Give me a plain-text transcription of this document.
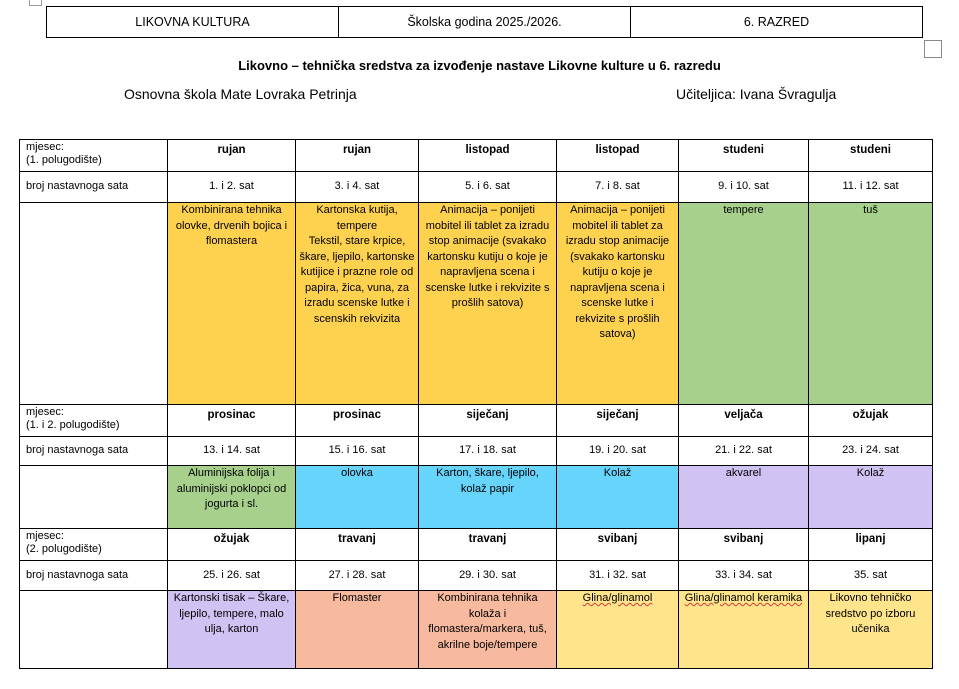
LIKOVNA KULTURA	Školska godina 2025./2026.	6. RAZRED
Likovno – tehnička sredstva za izvođenje nastave Likovne kulture u 6. razredu
Osnovna škola Mate Lovraka Petrinja	Učiteljica: Ivana Švragulja
mjesec:
(1. polugodište)	rujan	rujan	listopad	listopad	studeni	studeni
broj nastavnoga sata	1. i 2. sat	3. i 4. sat	5. i 6. sat	7. i 8. sat	9. i 10. sat	11. i 12. sat
	Kombinirana tehnika olovke, drvenih bojica i flomastera	Kartonska kutija, tempere
Tekstil, stare krpice, škare, ljepilo, kartonske kutijice i prazne role od papira, žica, vuna, za izradu scenske lutke i scenskih rekvizita	Animacija – ponijeti mobitel ili tablet za izradu stop animacije (svakako kartonsku kutiju o koje je napravljena scena i scenske lutke i rekvizite s prošlih satova)	Animacija – ponijeti mobitel ili tablet za izradu stop animacije (svakako kartonsku kutiju o koje je napravljena scena i scenske lutke i rekvizite s prošlih satova)	tempere	tuš
mjesec:
(1. i 2. polugodište)	prosinac	prosinac	siječanj	siječanj	veljača	ožujak
broj nastavnoga sata	13. i 14. sat	15. i 16. sat	17. i 18. sat	19. i 20. sat	21. i 22. sat	23. i 24. sat
	Aluminijska folija i aluminijski poklopci od jogurta i sl.	olovka	Karton, škare, ljepilo, kolaž papir	Kolaž	akvarel	Kolaž
mjesec:
(2. polugodište)	ožujak	travanj	travanj	svibanj	svibanj	lipanj
broj nastavnoga sata	25. i 26. sat	27. i 28. sat	29. i 30. sat	31. i 32. sat	33. i 34. sat	35. sat
	Kartonski tisak – Škare, ljepilo, tempere, malo ulja, karton	Flomaster	Kombinirana tehnika kolaža i flomastera/markera, tuš, akrilne boje/tempere	Glina/glinamol	Glina/glinamol keramika	Likovno tehničko sredstvo po izboru učenika
